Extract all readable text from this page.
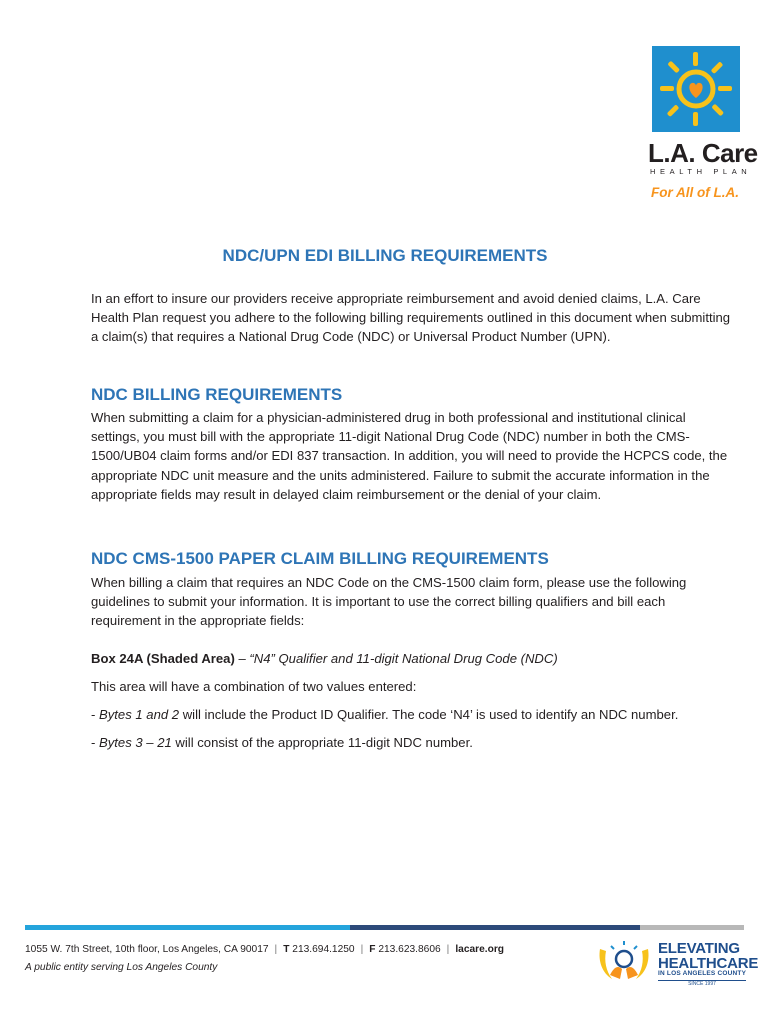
L.A. Care
HEALTH PLAN
For All of L.A.
NDC/UPN EDI BILLING REQUIREMENTS

In an effort to insure our providers receive appropriate reimbursement and avoid denied claims, L.A. Care Health Plan request you adhere to the following billing requirements outlined in this document when submitting a claim(s) that requires a National Drug Code (NDC) or Universal Product Number (UPN).

NDC BILLING REQUIREMENTS

When submitting a claim for a physician-administered drug in both professional and institutional clinical settings, you must bill with the appropriate 11-digit National Drug Code (NDC) number in both the CMS-1500/UB04 claim forms and/or EDI 837 transaction. In addition, you will need to provide the HCPCS code, the appropriate NDC unit measure and the units administered. Failure to submit the accurate information in the appropriate fields may result in delayed claim reimbursement or the denial of your claim.

NDC CMS-1500 PAPER CLAIM BILLING REQUIREMENTS

When billing a claim that requires an NDC Code on the CMS-1500 claim form, please use the following guidelines to submit your information. It is important to use the correct billing qualifiers and bill each requirement in the appropriate fields:

Box 24A (Shaded Area) – “N4” Qualifier and 11-digit National Drug Code (NDC)

This area will have a combination of two values entered:

- Bytes 1 and 2 will include the Product ID Qualifier. The code ‘N4’ is used to identify an NDC number.

- Bytes 3 – 21 will consist of the appropriate 11-digit NDC number.

1055 W. 7th Street, 10th floor, Los Angeles, CA 90017 | T 213.694.1250 | F 213.623.8606 | lacare.org
A public entity serving Los Angeles County
ELEVATING
HEALTHCARE
IN LOS ANGELES COUNTY
SINCE 1997
